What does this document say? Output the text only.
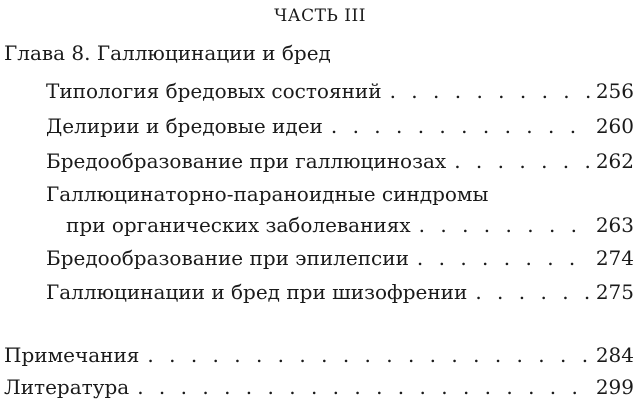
ЧАСТЬ III
Глава 8. Галлюцинации и бред
Типология бредовых состояний . . .	256
Делирии и бредовые идеи . . .	260
Бредообразование при галлюцинозах . . .	262
Галлюцинаторно-параноидные синдромы
при органических заболеваниях . . .	263
Бредообразование при эпилепсии . . .	274
Галлюцинации и бред при шизофрении . . .	275
Примечания . . .	284
Литература . . .	299
